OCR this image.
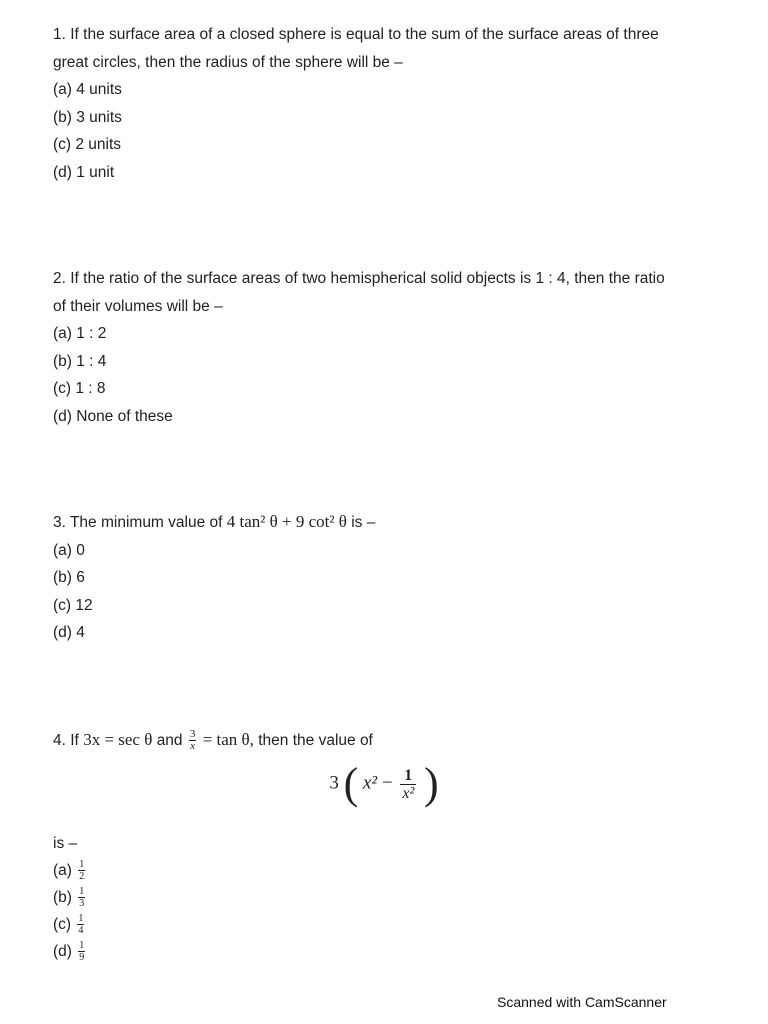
1. If the surface area of a closed sphere is equal to the sum of the surface areas of three

great circles, then the radius of the sphere will be –

(a) 4 units

(b) 3 units

(c) 2 units

(d) 1 unit

2. If the ratio of the surface areas of two hemispherical solid objects is 1 : 4, then the ratio

of their volumes will be –

(a) 1 : 2

(b) 1 : 4

(c) 1 : 8

(d) None of these

3. The minimum value of 4 tan² θ + 9 cot² θ is –

(a) 0

(b) 6

(c) 12

(d) 4

4. If 3x = sec θ and $\frac{3}{x} = \tan \theta$, then the value of

3 ( $x^2 - \frac{1}{\text{x²}}$ )

is –

$(a) \frac{1}{2}$

$(b) \frac{1}{3}$

$(c) \frac{1}{4}$

$(d) \frac{1}{9}$

Scanned with CamScanner
